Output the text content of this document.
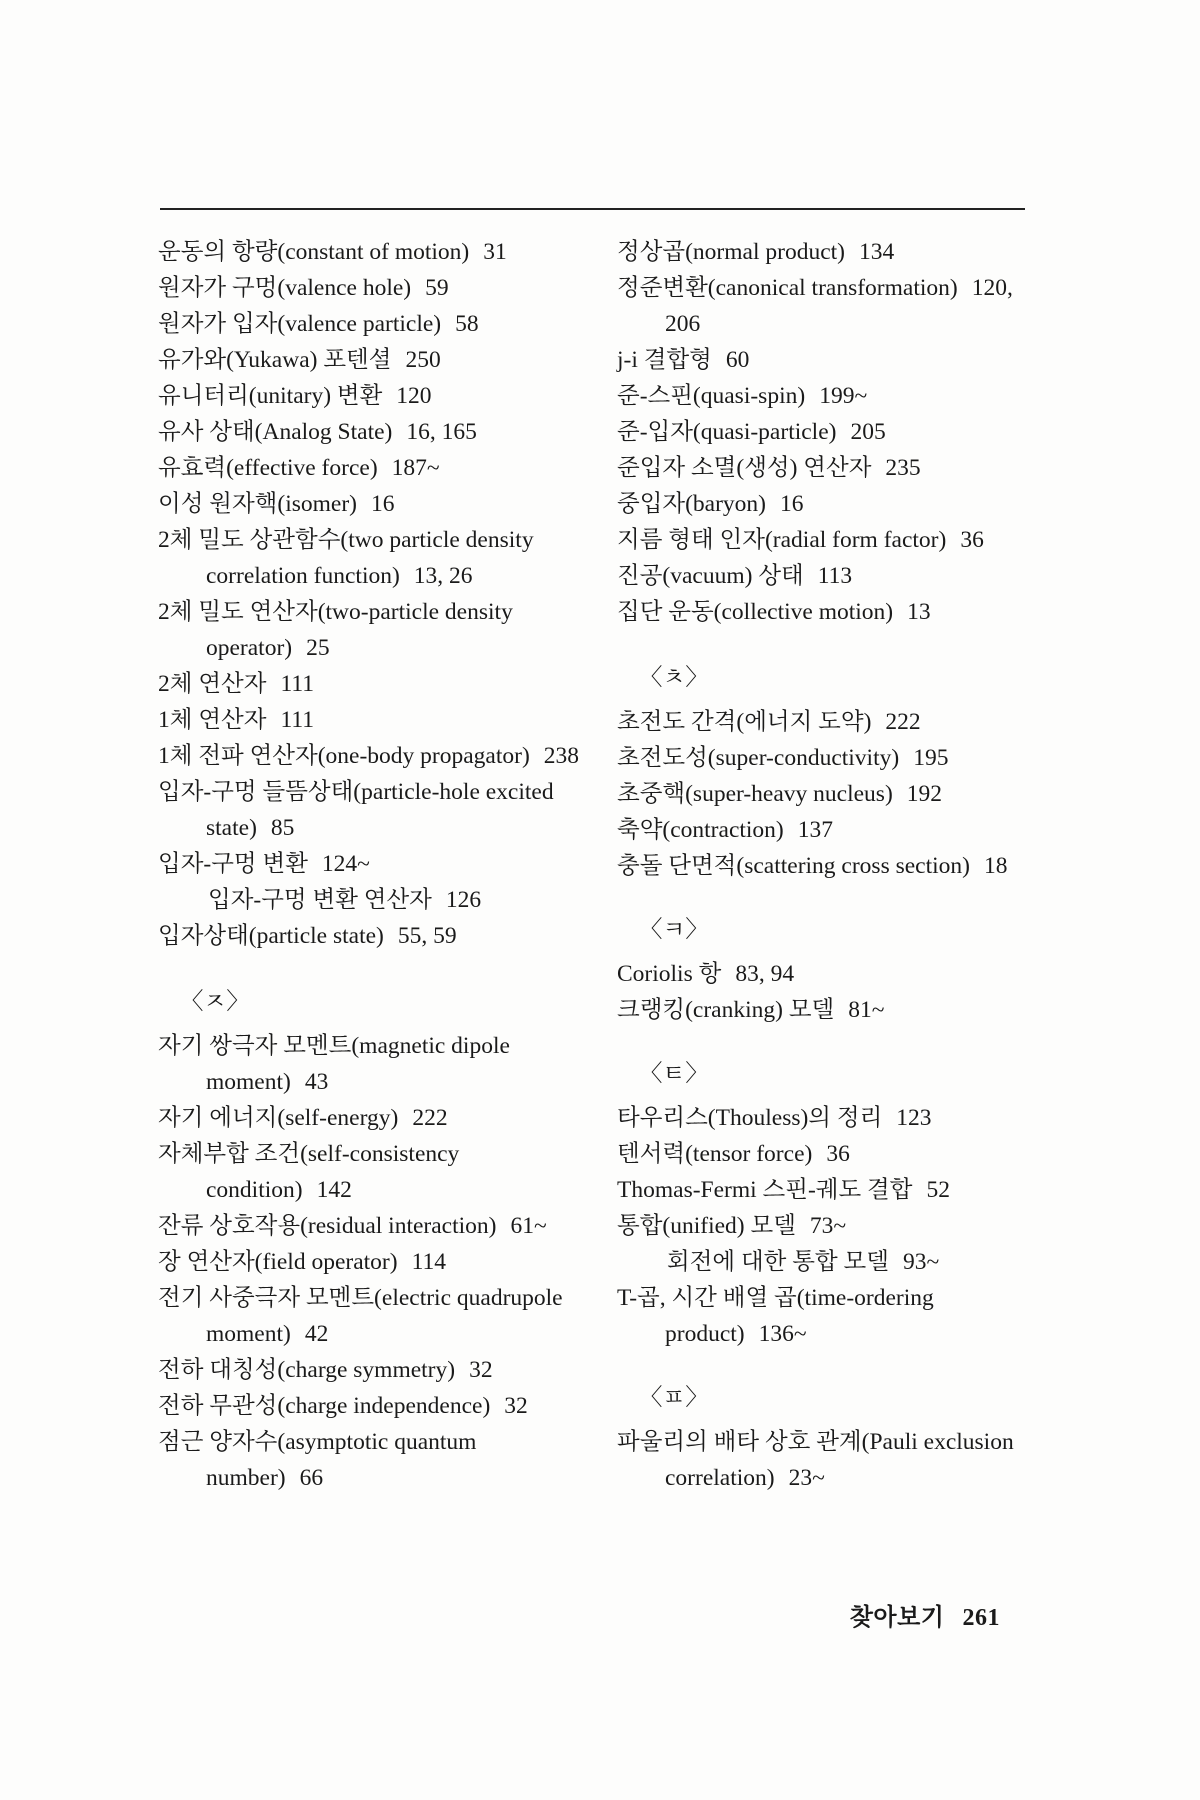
운동의 항량(constant of motion) 31
원자가 구멍(valence hole) 59
원자가 입자(valence particle) 58
유가와(Yukawa) 포텐셜 250
유니터리(unitary) 변환 120
유사 상태(Analog State) 16, 165
유효력(effective force) 187~
이성 원자핵(isomer) 16
2체 밀도 상관함수(two particle density correlation function) 13, 26
2체 밀도 연산자(two-particle density operator) 25
2체 연산자 111
1체 연산자 111
1체 전파 연산자(one-body propagator) 238
입자-구멍 들뜸상태(particle-hole excited state) 85
입자-구멍 변환 124~
입자-구멍 변환 연산자 126
입자상태(particle state) 55, 59
〈ㅈ〉
자기 쌍극자 모멘트(magnetic dipole moment) 43
자기 에너지(self-energy) 222
자체부합 조건(self-consistency condition) 142
잔류 상호작용(residual interaction) 61~
장 연산자(field operator) 114
전기 사중극자 모멘트(electric quadrupole moment) 42
전하 대칭성(charge symmetry) 32
전하 무관성(charge independence) 32
점근 양자수(asymptotic quantum number) 66
정상곱(normal product) 134
정준변환(canonical transformation) 120, 206
j-i 결합형 60
준-스핀(quasi-spin) 199~
준-입자(quasi-particle) 205
준입자 소멸(생성) 연산자 235
중입자(baryon) 16
지름 형태 인자(radial form factor) 36
진공(vacuum) 상태 113
집단 운동(collective motion) 13
〈ㅊ〉
초전도 간격(에너지 도약) 222
초전도성(super-conductivity) 195
초중핵(super-heavy nucleus) 192
축약(contraction) 137
충돌 단면적(scattering cross section) 18
〈ㅋ〉
Coriolis 항 83, 94
크랭킹(cranking) 모델 81~
〈ㅌ〉
타우리스(Thouless)의 정리 123
텐서력(tensor force) 36
Thomas-Fermi 스핀-궤도 결합 52
통합(unified) 모델 73~
회전에 대한 통합 모델 93~
T-곱, 시간 배열 곱(time-ordering product) 136~
〈ㅍ〉
파울리의 배타 상호 관계(Pauli exclusion correlation) 23~
찾아보기 261
